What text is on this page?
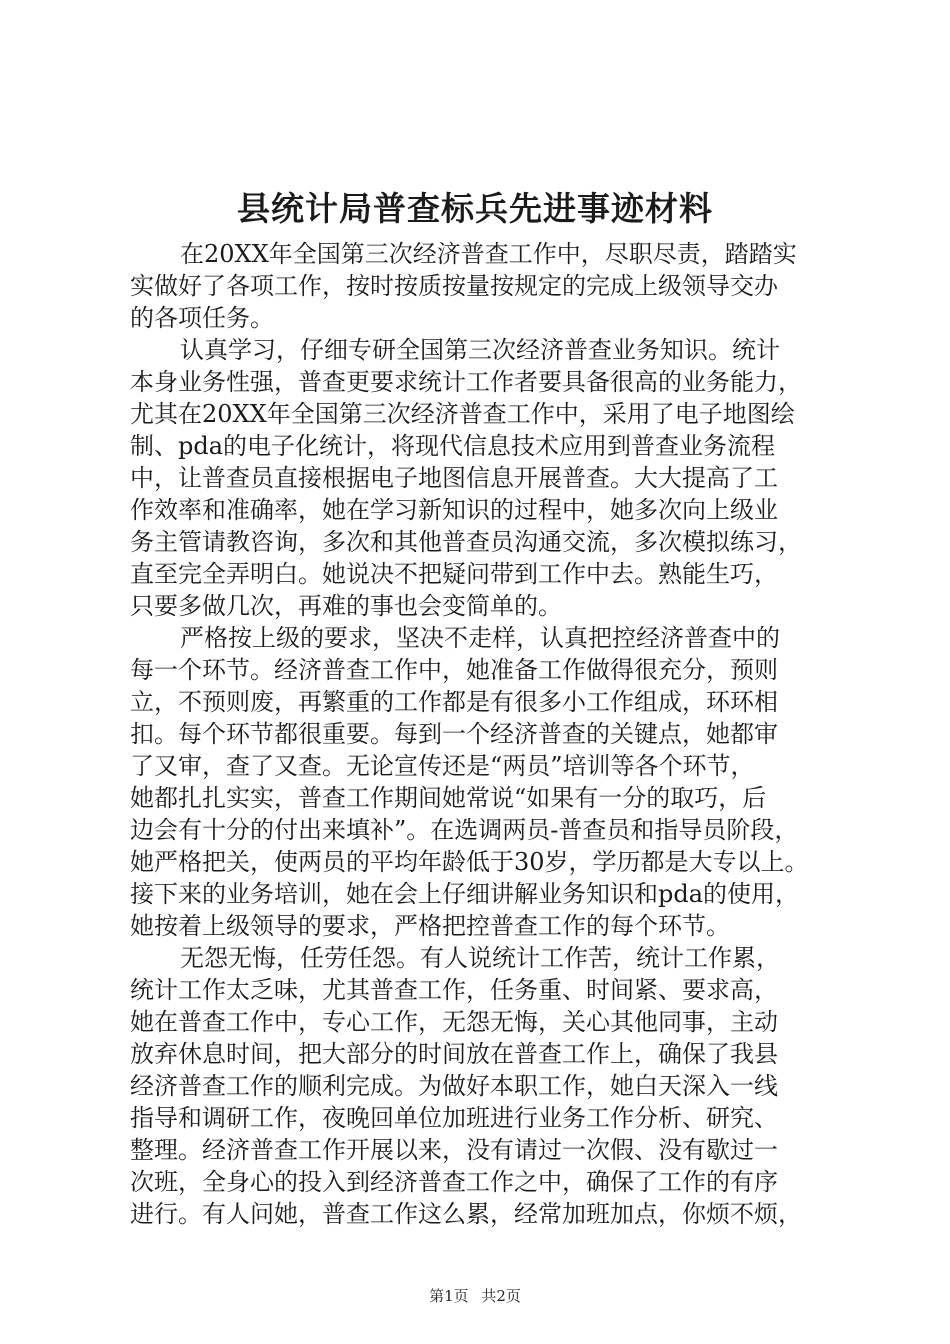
县统计局普查标兵先进事迹材料
在20XX年全国第三次经济普查工作中，尽职尽责，踏踏实
实做好了各项工作，按时按质按量按规定的完成上级领导交办
的各项任务。
认真学习，仔细专研全国第三次经济普查业务知识。统计
本身业务性强，普查更要求统计工作者要具备很高的业务能力，
尤其在20XX年全国第三次经济普查工作中，采用了电子地图绘
制、pda的电子化统计，将现代信息技术应用到普查业务流程
中，让普查员直接根据电子地图信息开展普查。大大提高了工
作效率和准确率，她在学习新知识的过程中，她多次向上级业
务主管请教咨询，多次和其他普查员沟通交流，多次模拟练习，
直至完全弄明白。她说决不把疑问带到工作中去。熟能生巧，
只要多做几次，再难的事也会变简单的。
严格按上级的要求，坚决不走样，认真把控经济普查中的
每一个环节。经济普查工作中，她准备工作做得很充分，预则
立，不预则废，再繁重的工作都是有很多小工作组成，环环相
扣。每个环节都很重要。每到一个经济普查的关键点，她都审
了又审，查了又查。无论宣传还是“两员”培训等各个环节，
她都扎扎实实，普查工作期间她常说“如果有一分的取巧，后
边会有十分的付出来填补”。在选调两员-普查员和指导员阶段，
她严格把关，使两员的平均年龄低于30岁，学历都是大专以上。
接下来的业务培训，她在会上仔细讲解业务知识和pda的使用，
她按着上级领导的要求，严格把控普查工作的每个环节。
无怨无悔，任劳任怨。有人说统计工作苦，统计工作累，
统计工作太乏味，尤其普查工作，任务重、时间紧、要求高，
她在普查工作中，专心工作，无怨无悔，关心其他同事，主动
放弃休息时间，把大部分的时间放在普查工作上，确保了我县
经济普查工作的顺利完成。为做好本职工作，她白天深入一线
指导和调研工作，夜晚回单位加班进行业务工作分析、研究、
整理。经济普查工作开展以来，没有请过一次假、没有歇过一
次班，全身心的投入到经济普查工作之中，确保了工作的有序
进行。有人问她，普查工作这么累，经常加班加点，你烦不烦，
第1页 共2页
